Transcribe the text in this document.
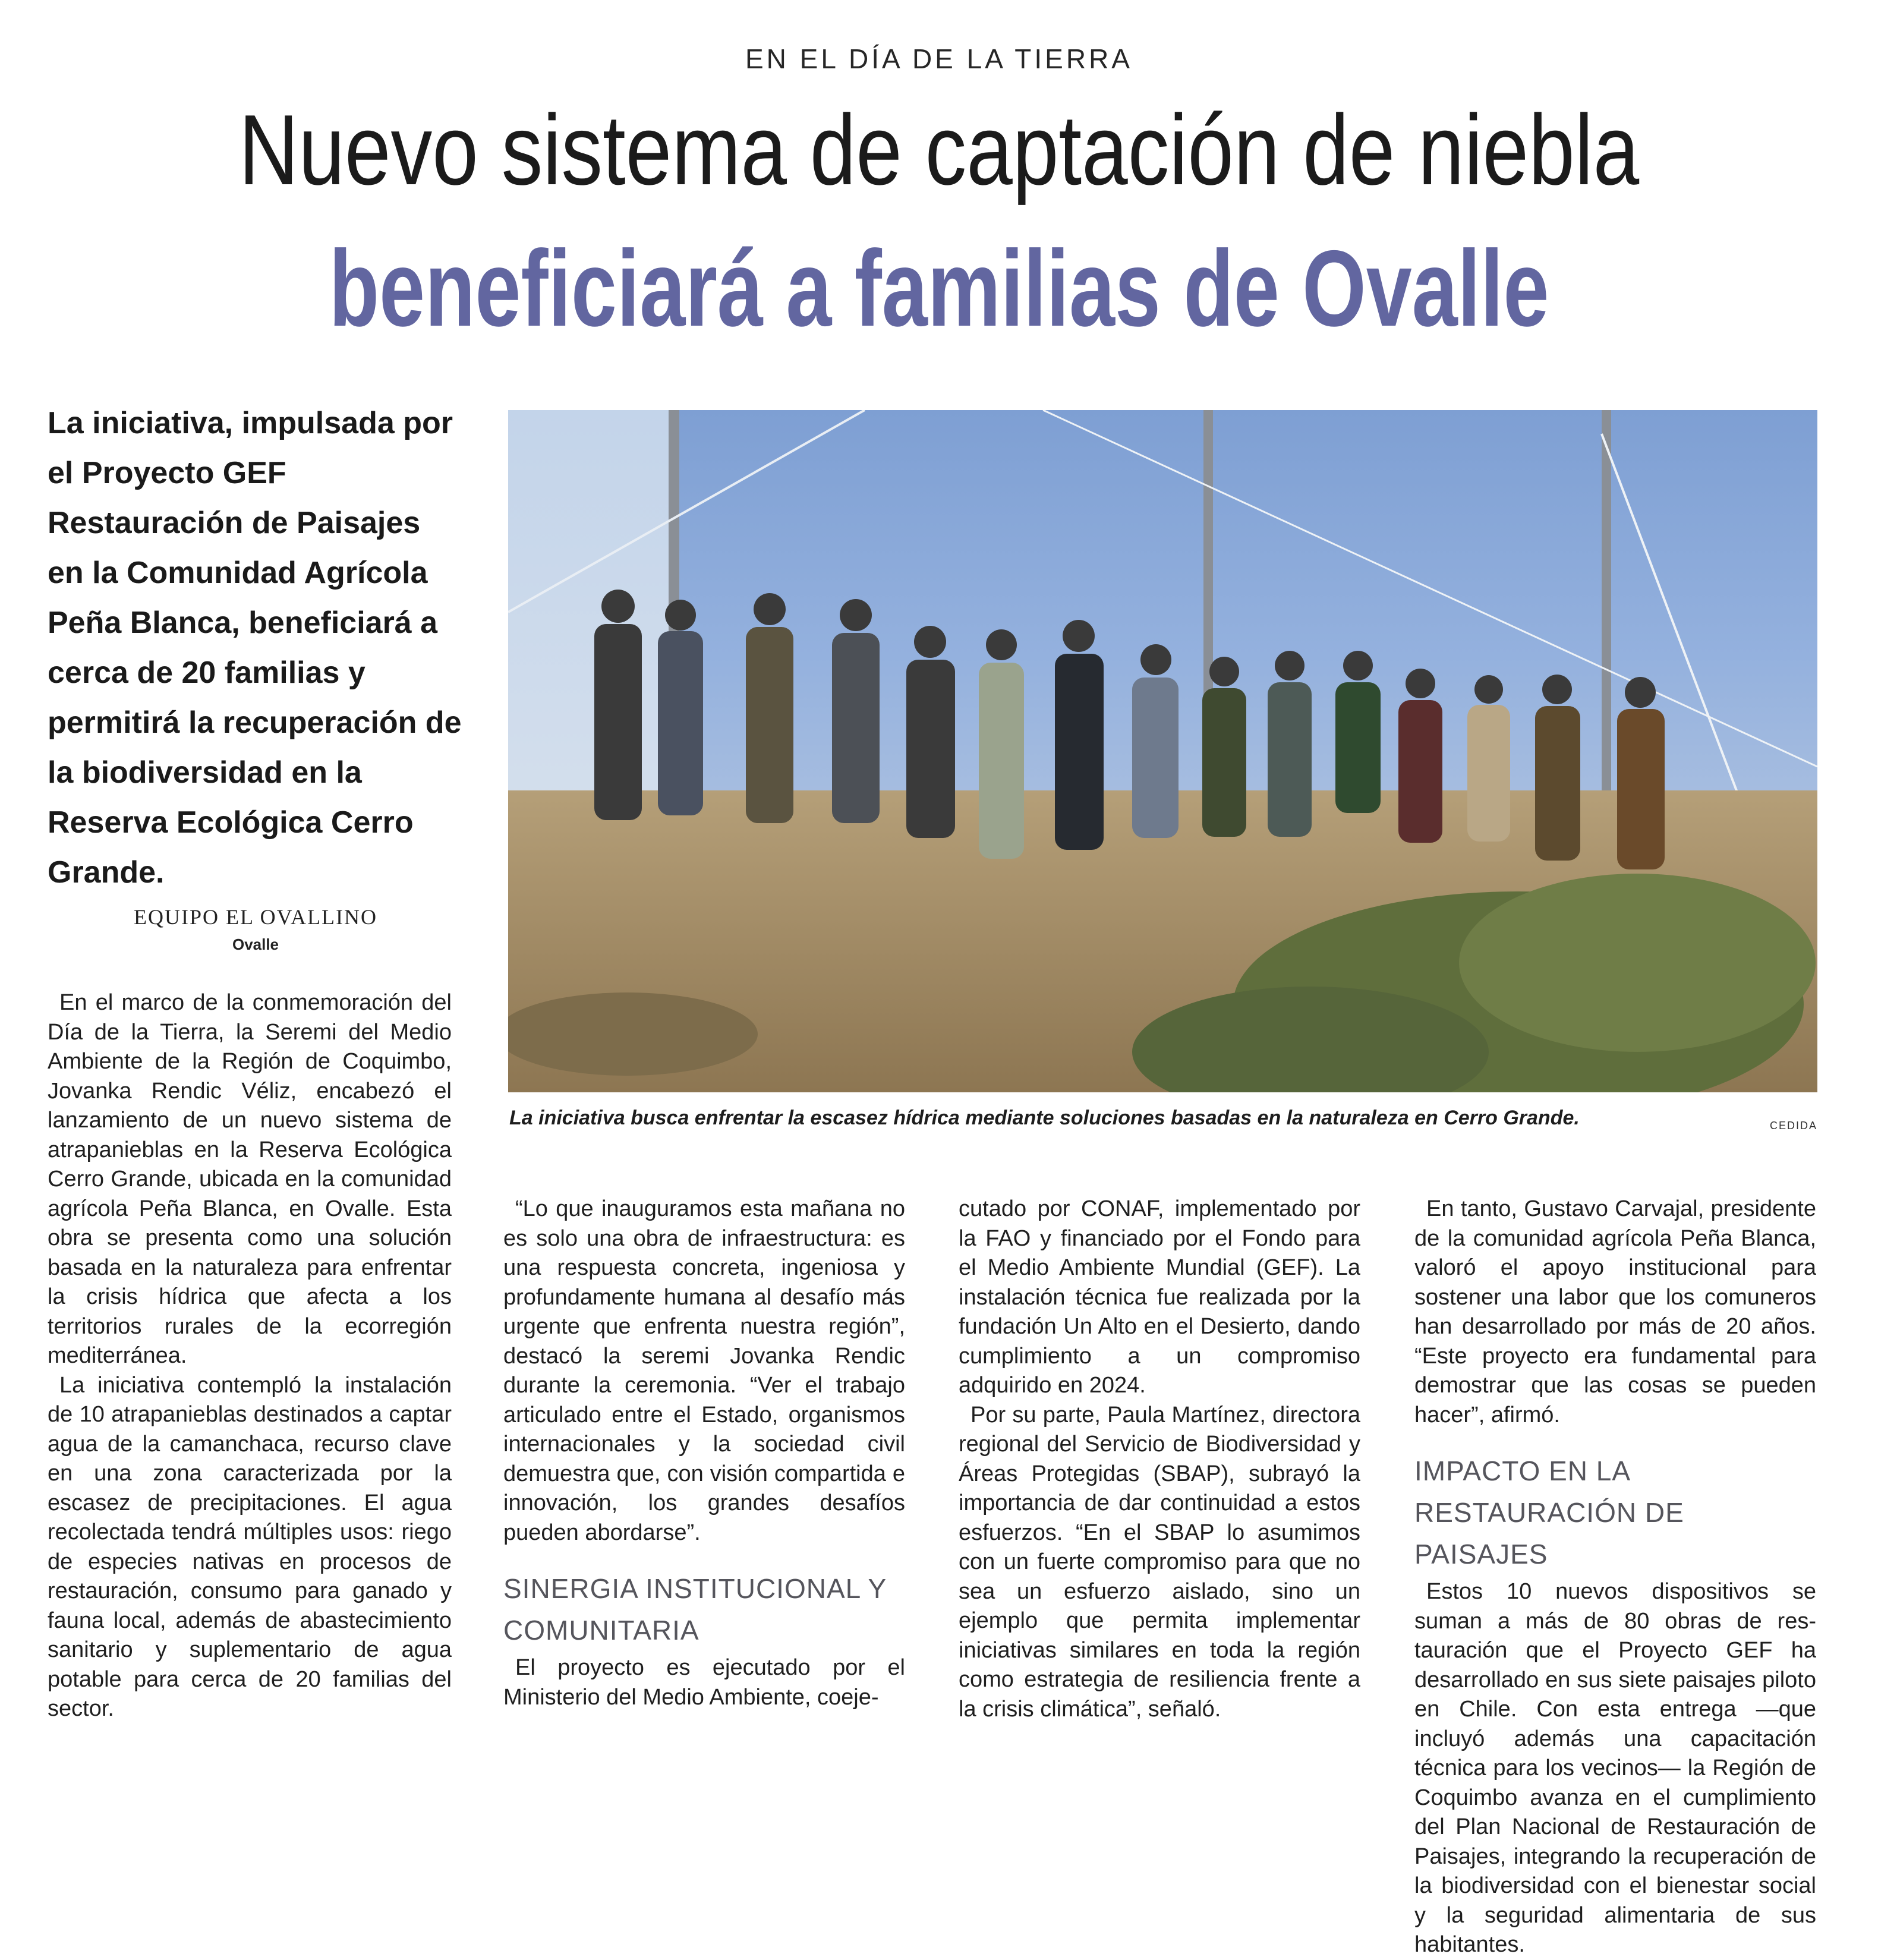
EN EL DÍA DE LA TIERRA
Nuevo sistema de captación de niebla
beneficiará a familias de Ovalle
La iniciativa, impulsada por el Proyecto GEF Restauración de Paisajes en la Comunidad Agrícola Peña Blanca, beneficiará a cerca de 20 familias y permitirá la recuperación de la biodiversidad en la Reserva Ecológica Cerro Grande.
EQUIPO EL OVALLINO
Ovalle
La iniciativa busca enfrentar la escasez hídrica mediante soluciones basadas en la naturaleza en Cerro Grande.	CEDIDA

En el marco de la conmemoración del Día de la Tierra, la Seremi del Medio Ambiente de la Región de Coquimbo, Jovanka Rendic Véliz, encabezó el lanzamiento de un nuevo sistema de atrapanieblas en la Reserva Ecológica Cerro Grande, ubicada en la comunidad agrícola Peña Blanca, en Ovalle. Esta obra se presenta como una solución basada en la naturaleza para enfrentar la crisis hídrica que afecta a los territorios rurales de la ecorregión mediterránea.

La iniciativa contempló la instalación de 10 atrapanieblas destinados a captar agua de la camanchaca, recurso clave en una zona caracterizada por la escasez de precipitaciones. El agua recolectada tendrá múltiples usos: riego de especies nativas en procesos de restauración, consumo para ganado y fauna local, además de abastecimiento sanitario y suplementario de agua potable para cerca de 20 familias del sector.

“Lo que inauguramos esta mañana no es solo una obra de infraestructura: es una respuesta concreta, ingeniosa y profundamente humana al desafío más urgente que enfrenta nuestra región”, destacó la seremi Jovanka Rendic durante la ceremonia. “Ver el trabajo articulado entre el Estado, organismos internacionales y la sociedad civil demuestra que, con visión compartida e innovación, los grandes desafíos pueden abordarse”.

SINERGIA INSTITUCIONAL Y COMUNITARIA

El proyecto es ejecutado por el Ministerio del Medio Ambiente, coeje-

cutado por CONAF, implementado por la FAO y financiado por el Fondo para el Medio Ambiente Mundial (GEF). La instalación técnica fue realizada por la fundación Un Alto en el Desierto, dando cumplimiento a un compromiso adquirido en 2024.

Por su parte, Paula Martínez, directora regional del Servicio de Biodiversidad y Áreas Protegidas (SBAP), subrayó la importancia de dar continuidad a estos esfuerzos. “En el SBAP lo asumimos con un fuerte compromiso para que no sea un esfuerzo aislado, sino un ejemplo que permita implementar iniciativas similares en toda la región como estrategia de resiliencia frente a la crisis climática”, señaló.

En tanto, Gustavo Carvajal, presidente de la comunidad agrícola Peña Blanca, valoró el apoyo institucional para sostener una labor que los comuneros han desarrollado por más de 20 años. “Este proyecto era fundamental para demostrar que las cosas se pueden hacer”, afirmó.

IMPACTO EN LA RESTAURACIÓN DE PAISAJES

Estos 10 nuevos dispositivos se suman a más de 80 obras de restauración que el Proyecto GEF ha desarrollado en sus siete paisajes piloto en Chile. Con esta entrega —que incluyó además una capacitación técnica para los vecinos— la Región de Coquimbo avanza en el cumplimiento del Plan Nacional de Restauración de Paisajes, integrando la recuperación de la biodiversidad con el bienestar social y la seguridad alimentaria de sus habitantes.
